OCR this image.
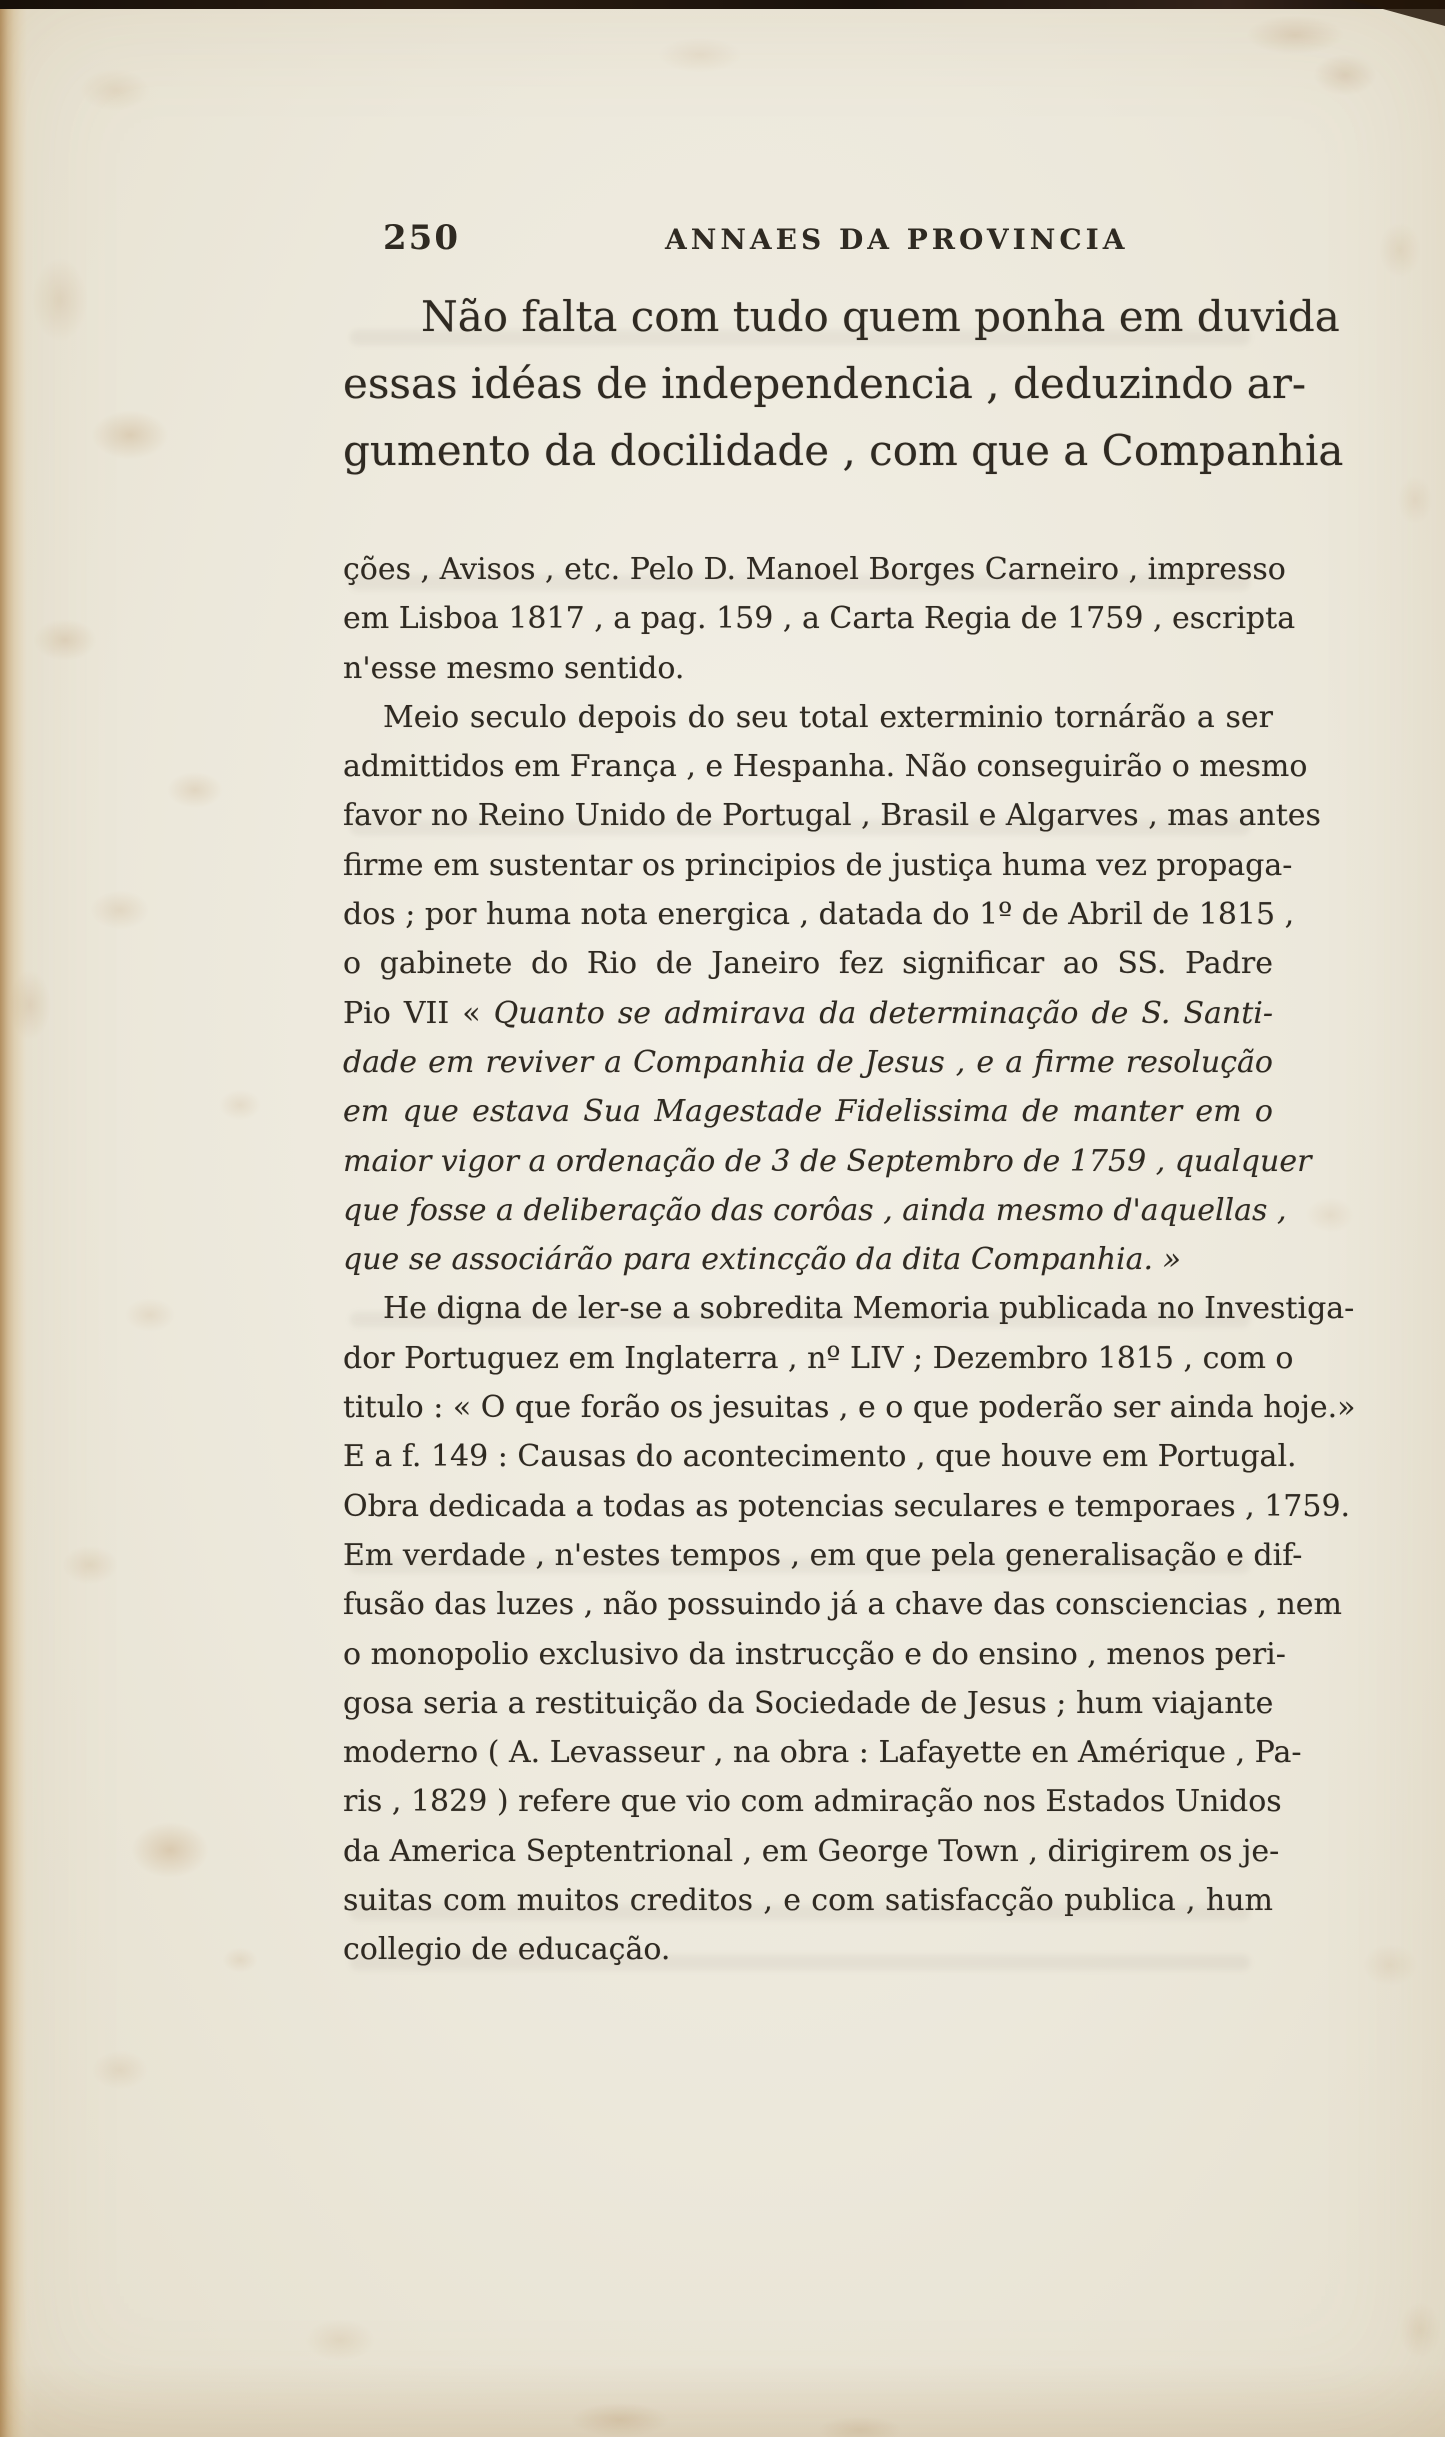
250	ANNAES DA PROVINCIA
Não falta com tudo quem ponha em duvida
essas idéas de independencia , deduzindo ar-
gumento da docilidade , com que a Companhia
ções , Avisos , etc. Pelo D. Manoel Borges Carneiro , impresso
em Lisboa 1817 , a pag. 159 , a Carta Regia de 1759 , escripta
n'esse mesmo sentido.
Meio seculo depois do seu total exterminio tornárão a ser
admittidos em França , e Hespanha. Não conseguirão o mesmo
favor no Reino Unido de Portugal , Brasil e Algarves , mas antes
firme em sustentar os principios de justiça huma vez propaga-
dos ; por huma nota energica , datada do 1º de Abril de 1815 ,
o gabinete do Rio de Janeiro fez significar ao SS. Padre
Pio VII « Quanto se admirava da determinação de S. Santi-
dade em reviver a Companhia de Jesus , e a firme resolução
em que estava Sua Magestade Fidelissima de manter em o
maior vigor a ordenação de 3 de Septembro de 1759 , qualquer
que fosse a deliberação das corôas , ainda mesmo d'aquellas ,
que se associárão para extincção da dita Companhia. »
He digna de ler-se a sobredita Memoria publicada no Investiga-
dor Portuguez em Inglaterra , nº LIV ; Dezembro 1815 , com o
titulo : « O que forão os jesuitas , e o que poderão ser ainda hoje.»
E a f. 149 : Causas do acontecimento , que houve em Portugal.
Obra dedicada a todas as potencias seculares e temporaes , 1759.
Em verdade , n'estes tempos , em que pela generalisação e dif-
fusão das luzes , não possuindo já a chave das consciencias , nem
o monopolio exclusivo da instrucção e do ensino , menos peri-
gosa seria a restituição da Sociedade de Jesus ; hum viajante
moderno ( A. Levasseur , na obra : Lafayette en Amérique , Pa-
ris , 1829 ) refere que vio com admiração nos Estados Unidos
da America Septentrional , em George Town , dirigirem os je-
suitas com muitos creditos , e com satisfacção publica , hum
collegio de educação.
